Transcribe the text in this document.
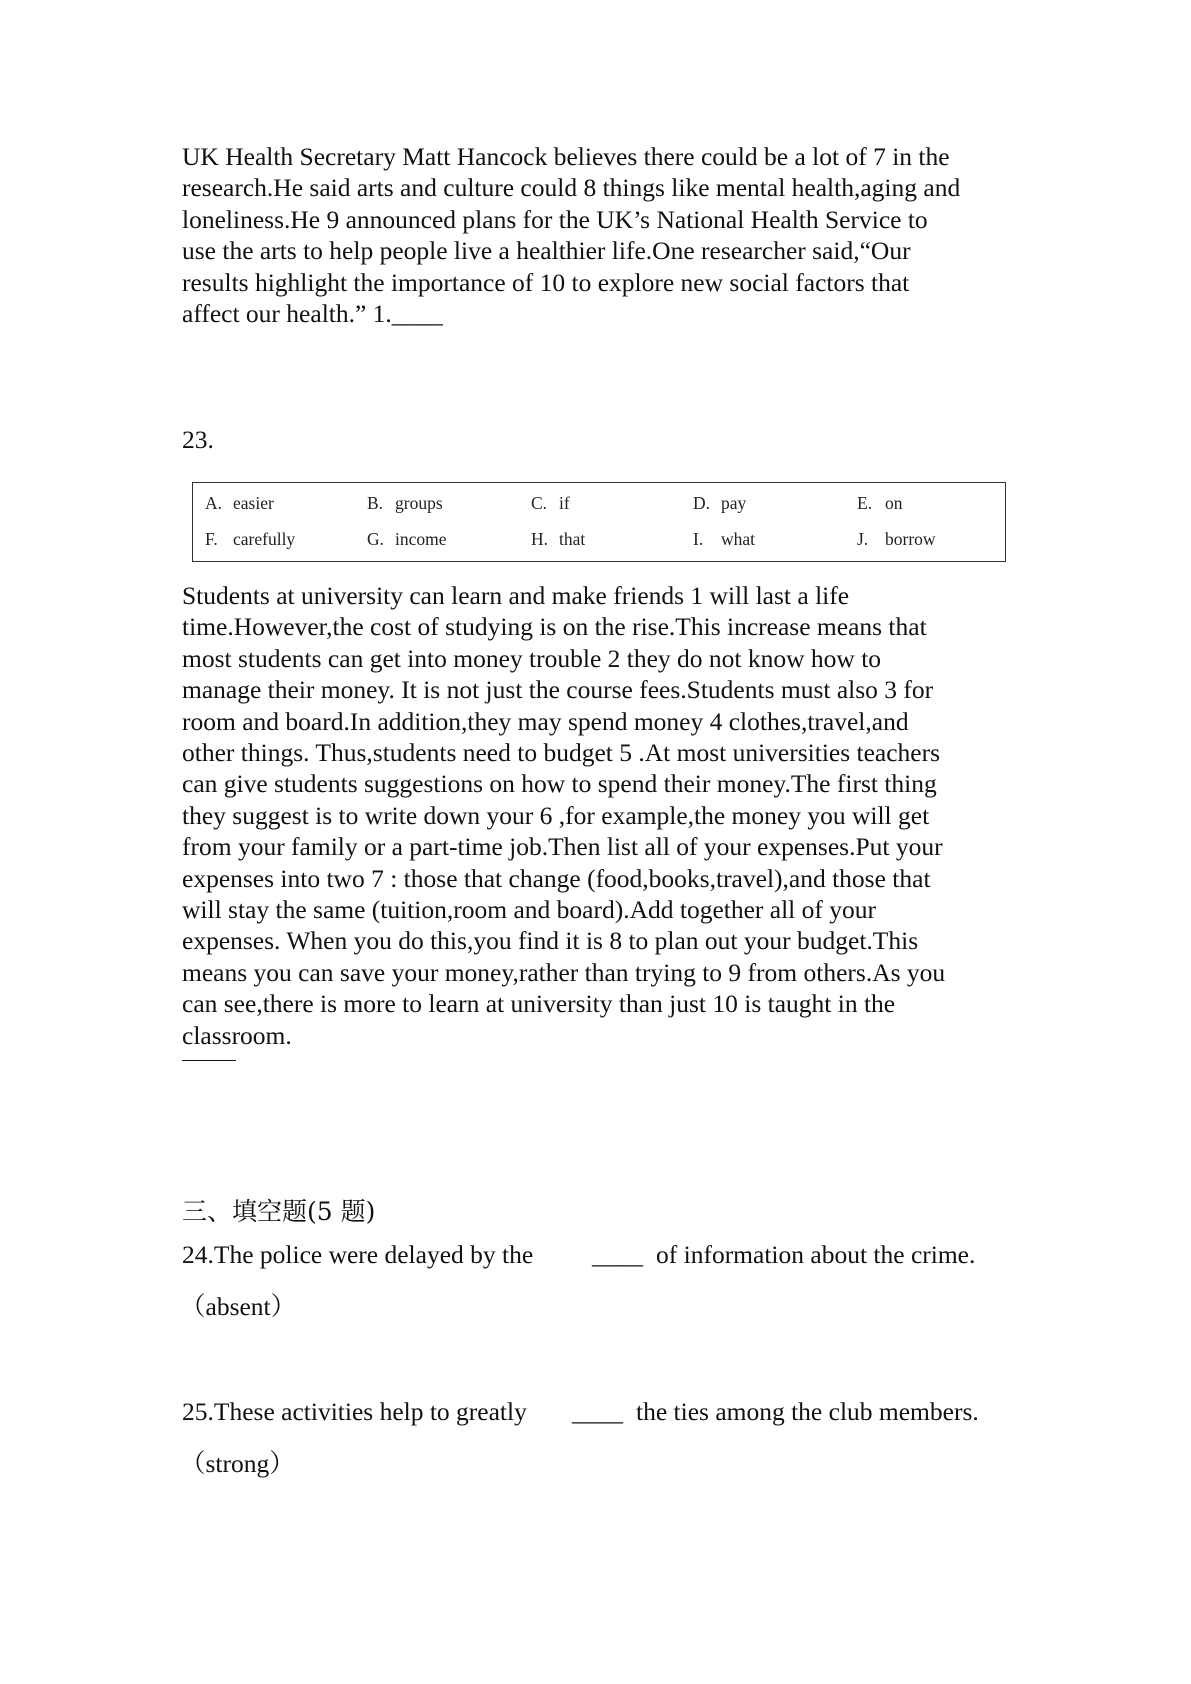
UK Health Secretary Matt Hancock believes there could be a lot of 7 in the
research.He said arts and culture could 8 things like mental health,aging and
loneliness.He 9 announced plans for the UK’s National Health Service to
use the arts to help people live a healthier life.One researcher said,“Our
results highlight the importance of 10 to explore new social factors that
affect our health.” 1.____
23.
A. easier	B. groups	C. if	D. pay	E. on
F. carefully	G. income	H. that	I. what	J. borrow
Students at university can learn and make friends 1 will last a life
time.However,the cost of studying is on the rise.This increase means that
most students can get into money trouble 2 they do not know how to
manage their money. It is not just the course fees.Students must also 3 for
room and board.In addition,they may spend money 4 clothes,travel,and
other things. Thus,students need to budget 5 .At most universities teachers
can give students suggestions on how to spend their money.The first thing
they suggest is to write down your 6 ,for example,the money you will get
from your family or a part-time job.Then list all of your expenses.Put your
expenses into two 7 : those that change (food,books,travel),and those that
will stay the same (tuition,room and board).Add together all of your
expenses. When you do this,you find it is 8 to plan out your budget.This
means you can save your money,rather than trying to 9 from others.As you
can see,there is more to learn at university than just 10 is taught in the
classroom.
三、填空题(5 题)
24.The police were delayed by the ____ of information about the crime.
（absent）
25.These activities help to greatly ____ the ties among the club members.
（strong）
